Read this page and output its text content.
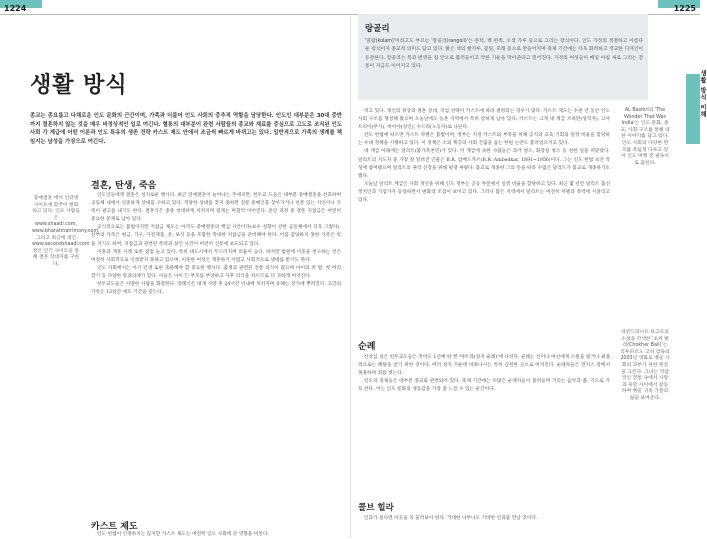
1224	1225
생활 방식
종교는 종요롭고 다채로운 인도 문화의 근간이며, 가족과 더불어 인도 사회의 중추적 역할을 담당한다. 인도인 대부분은 30대 중반까지 결혼하지 않는 것을 매우 비정상적인 일로 여긴다. 혈통의 대부분이 관련 사람들의 종교와 재료를 중심으로 고도로 조직된 인도 사회 각 계급에 어떤 이론과 인도 특유의 생존 전략 카스트 제도 안에서 조금씩 빠르게 바뀌고는 있다. 일반적으로 가족의 생계를 책임지는 남성을 가장으로 여긴다.
중매결혼 에서 인터넷 사이트에 맞추어 변화하고 있다. 인도 사람들은 www.shaadi.com, www.bharatmatrimony.com, 그리고 최근에 생긴 www.secondshaadi.com 같은 인기 사이트들 통해 결혼 상대자를 구한다.
결혼, 탄생, 죽음

인도인들에게 결혼은 성지로운 행사다. 최근 연애결혼이 늘어나는 추세지만, 힌두교 도들은 대부분 중매결혼을 선호하며 공동체 내에서 신중하게 상대를 구하고 있다. 적당한 상대를 찾지 못하면 전문 중매인을 찾아가거나 친분 있는 지인이나 가족이 광고를 내기도 한다. 결혼식은 종종 성대하게 치러지며 길게는 며칠씩 이어진다. 혼인 과정 중 결혼 지참금은 여전히 중요한 문제로 남아 있다.

공식적으로는 불법이지만 지참금 제도는 아직도 중매결혼의 핵심 사안이다(보수 성향이 강한 공동체에서 더욱 그렇다). 신부의 가족은 현금, 가구, 가전제품, 옷, 보석 등을 포함한 막대한 지참금을 준비해야 한다. 이를 감당하지 못한 가족은 빚을 지기도 하며, 지참금과 관련된 폭력과 살인 사건이 여전히 신문에 보도되고 있다.

이혼과 재혼 사례 또한 점점 늘고 있다. 특히 대도시에서 두드러지며 비율이 높다. 하지만 법원에 이혼을 청구하는 것은 여전히 사회적으로 인정받지 못하고 있으며, 이혼한 여성은 재혼하기 어렵고 사회적으로 냉대를 받기도 한다.

인도 사회에서는 아기 탄생 또한 축하해야 할 중요한 행사다. 출생과 관련된 전통 의식이 많으며 아이의 첫 밥, 첫 머리 깎기 등 다양한 통과의례가 있다. 아들은 나이 든 부모를 부양하고 사후 의식을 치르므로 더 귀하게 여겨진다.

힌두교도들은 사망한 사람을 화장한다. 장례식은 대개 사망 후 24시간 이내에 치러지며 유해는 강가에 뿌려진다. 고인의 가족은 13일간 애도 기간을 갖는다.

카스트 제도

인도 헌법이 인정하지는 않지만 카스트 제도는 여전히 인도 사회에 큰 영향을 미친다.

랑골리
'콜람(kolam)'이라고도 부르는 '랑골리(rangoli)'는 문턱, 벽 한쪽, 오색 가루 등으로 그리는 장식이다. 인도 가정의 정결하고 아름다운 장식이자 종교적 의미도 담고 있다. 밝은 색의 쌀가루, 꽃잎, 모래 등으로 만들어지며 축제 기간에는 더욱 화려하고 정교한 디자인이 등장한다. 랑골리는 복과 번영을 집 안으로 불러들이고 악한 기운을 막아준다고 믿어진다. 가정의 여성들이 매일 아침 새로 그리는 전통이 지금도 이어지고 있다.

적고 있다. 개인의 위상과 결혼 상대, 직업 선택이 카스트에 따라 결정되는 경우가 많다. 카스트 제도는 수천 년 동안 인도 사회 구조를 형성해 왔으며 오늘날에도 농촌 지역에서 특히 강하게 남아 있다. 카스트는 크게 네 계급 브라만(성직자), 크샤트리아(무사), 바이샤(상인), 수드라(노동자)로 나뉜다.

인도 헌법에 따르면 카스트 차별은 불법이며, 정부는 지정 카스트와 부족을 위해 공직과 교육 기회의 일정 비율을 할당하는 우대 정책을 시행하고 있다. 이 정책은 소외 계층의 사회 진출을 돕는 한편 논란도 불러일으키고 있다.

네 계급 아래에는 달리트(불가촉천민)가 있다. 이 계급에 속한 사람들은 과거 청소, 화장실 청소 등 천한 일을 떠맡았다. 달리트의 지도자 중 가장 잘 알려진 인물은 B.R. 암베드카르(B.R. Ambedkar, 1891~1956)이다. 그는 인도 헌법 초안 작성에 참여했으며 달리트의 권리 신장을 위해 평생 싸웠다. 불교로 개종한 그의 뜻을 따라 수많은 달리트가 불교로 개종하기도 했다.

오늘날 달리트 계급은 사회 개선을 위해 인도 정부는 공공 부문에서 일정 비율을 할당하고 있다. 최근 몇 년간 달리트 출신 정치인과 기업가가 등장하면서 변화의 조짐이 보이고 있다. 그러나 많은 지역에서 달리트는 여전히 차별과 폭력에 시달리고 있다.

순례

신앙심 깊은 힌두교도들은 적어도 1년에 한 번 '야트라(성지 순례)'에 나선다. 순례는 신이나 여신에게 소원을 빌거나 최종적으로는 해탈을 얻기 위한 것이다. 여러 성지 가운데 바라나시는 특히 신성한 곳으로 여겨진다. 순례자들은 갠지스 강에서 목욕하며 죄를 씻는다.

인도의 축제들은 대부분 종교와 관련되어 있다. 축제 기간에는 수많은 순례자들이 몰려들며 거리는 음악과 춤, 기도로 가득 찬다. 이는 인도 문화의 생동감을 가장 잘 느낄 수 있는 순간이다.

콜브 힐라

인과가 실다면 이곳을 꼭 둘러보아 한다. 거대한 나무나도 기대한 인과를 만날 것이다.

AL Bashiri의 'The Wonder That Was India'는 인도 문화, 종교, 사회 구조를 통해 대한 이야기를 담고 있다. 인도 사회의 다양한 면모를 폭넓게 다루고 있어 인도 여행 전 필독서로 꼽힌다.
라빈드라나트 타고르의 소설을 각색한 '초커 발리(Chokher Bali)'는 리투파르노 고쉬 감독의 2003년 영화로 벵골 사회의 과부가 처한 현실을 그린다. 그녀는 억압적인 전통 속에서 사랑과 욕망 사이에서 갈등하며 벵골 귀족 가문의 삶을 보여준다.
생활 방식 이해
